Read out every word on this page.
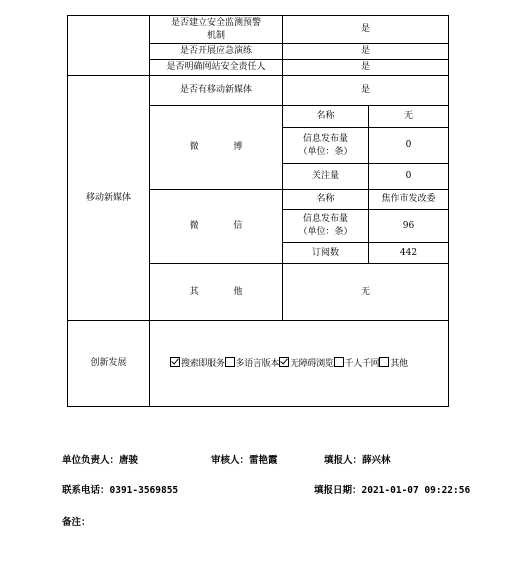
	是否建立安全监测预警
机制	是	
	是否开展应急演练	是	
	是否明确网站安全责任人	是	
移动新媒体	是否有移动新媒体	是	
	微 博	名称	无
		信息发布量
（单位：条）	0
		关注量	0
	微 信	名称	焦作市发改委
		信息发布量
（单位：条）	96
		订阅数	442
	其 他	无	
创新发展	搜索即服务 多语言版本 无障碍浏览 千人千网 其他		
单位负责人：唐骏	审核人：雷艳霞	填报人：薛兴林
联系电话：0391-3569855	填报日期：2021-01-07 09:22:56
备注：
